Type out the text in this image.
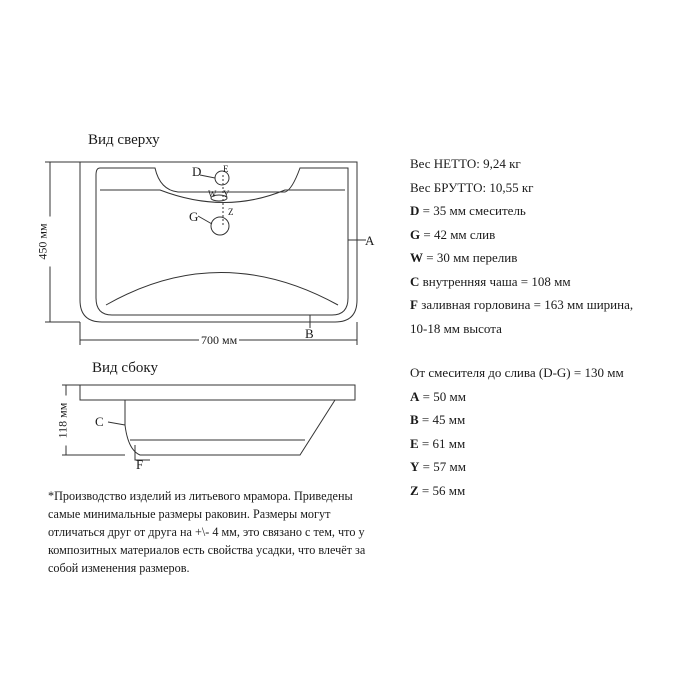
Вид сверху
D E
W Y
G	Z
A
B
700 мм
450 мм
Вид сбоку
118 мм C
F
Вес НЕТТО: 9,24 кг
Вес БРУТТО: 10,55 кг
D = 35 мм смеситель
G = 42 мм слив
W = 30 мм перелив
C внутренняя чаша = 108 мм
F заливная горловина = 163 мм ширина,
10-18 мм высота
От смесителя до слива (D-G) = 130 мм
A = 50 мм
B = 45 мм
E = 61 мм
Y = 57 мм
Z = 56 мм
*Производство изделий из литьевого мрамора. Приведены самые минимальные размеры раковин. Размеры могут отличаться друг от друга на +\- 4 мм, это связано с тем, что у композитных материалов есть свойства усадки, что влечёт за собой изменения размеров.
